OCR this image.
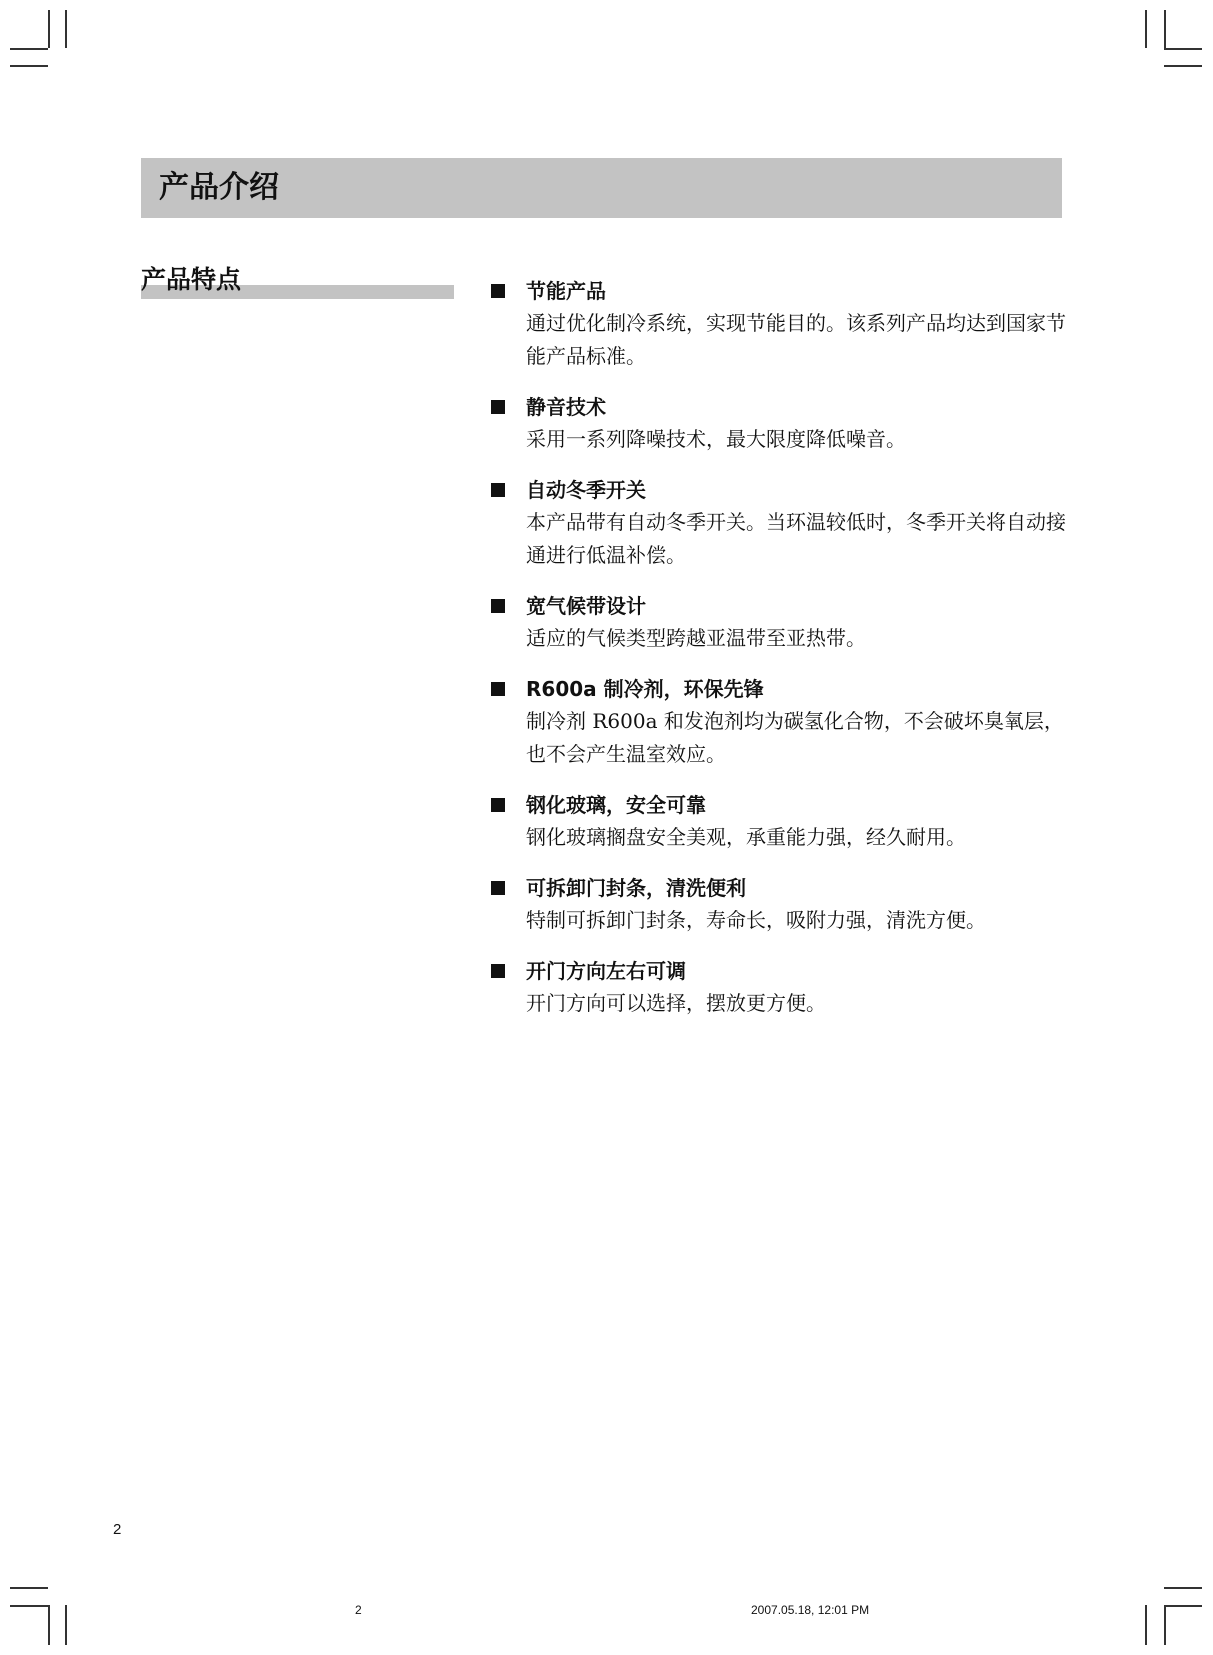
产品介绍
产品特点	节能产品
通过优化制冷系统，实现节能目的。该系列产品均达到国家节能产品标准。
静音技术
采用一系列降噪技术，最大限度降低噪音。
自动冬季开关
本产品带有自动冬季开关。当环温较低时，冬季开关将自动接通进行低温补偿。
宽气候带设计
适应的气候类型跨越亚温带至亚热带。
R600a 制冷剂，环保先锋
制冷剂 R600a 和发泡剂均为碳氢化合物，不会破坏臭氧层，也不会产生温室效应。
钢化玻璃，安全可靠
钢化玻璃搁盘安全美观，承重能力强，经久耐用。
可拆卸门封条，清洗便利
特制可拆卸门封条，寿命长，吸附力强，清洗方便。
开门方向左右可调
开门方向可以选择，摆放更方便。
2
2	2007.05.18, 12:01 PM
